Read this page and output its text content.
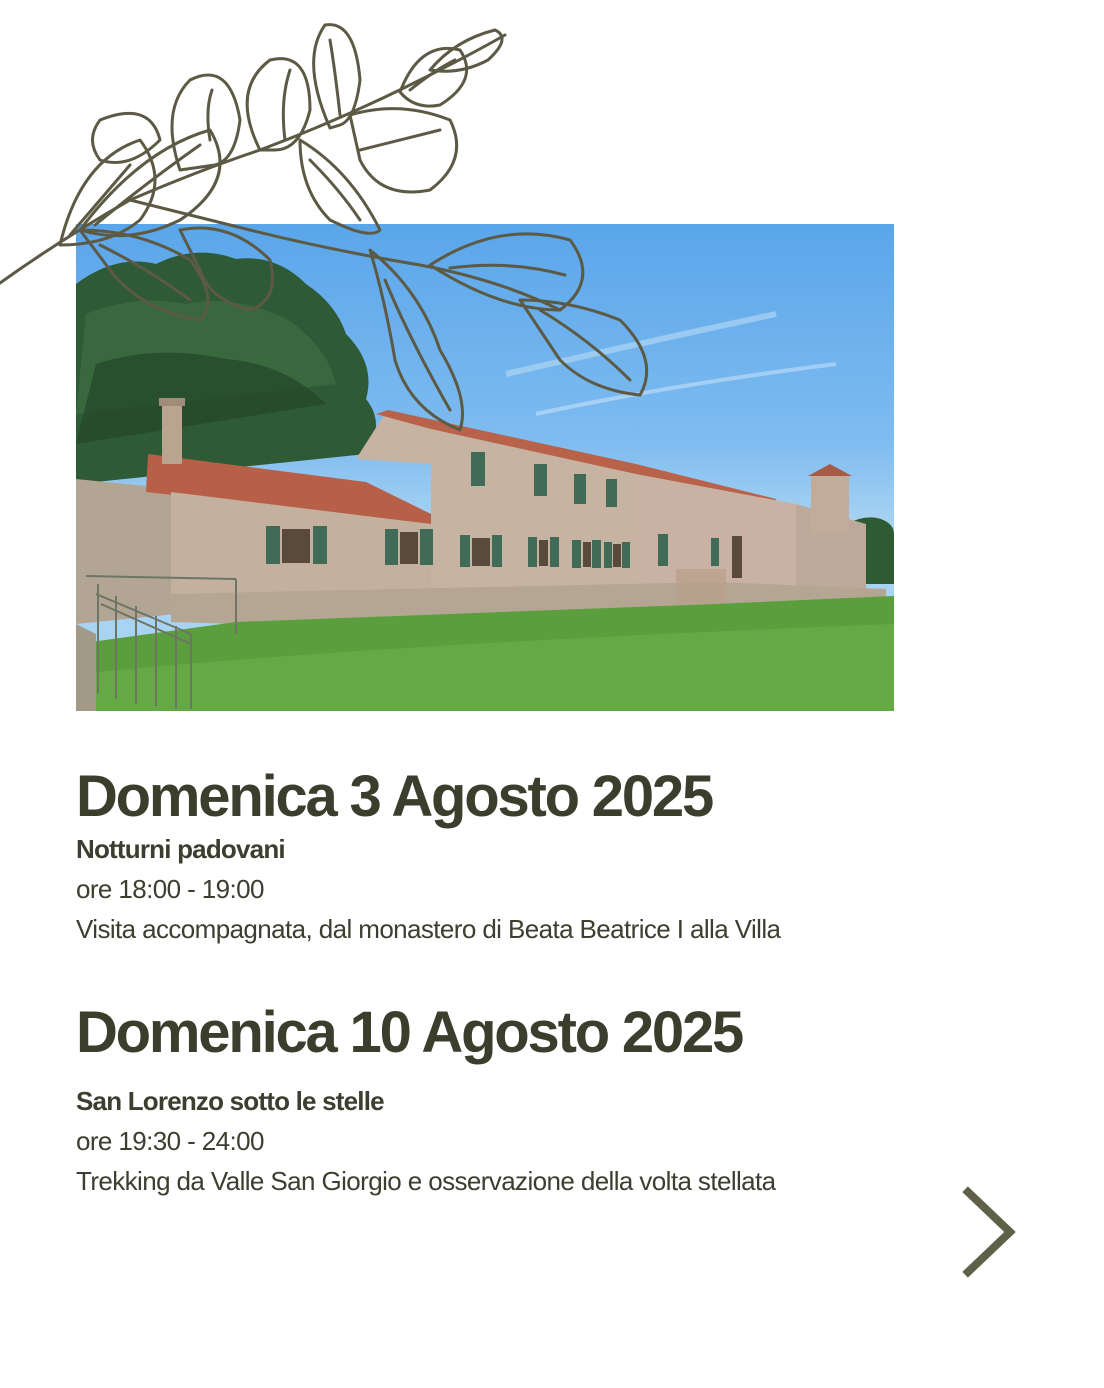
Domenica 3 Agosto 2025

Notturni padovani

ore 18:00 - 19:00

Visita accompagnata, dal monastero di Beata Beatrice I alla Villa

Domenica 10 Agosto 2025

San Lorenzo sotto le stelle

ore 19:30 - 24:00

Trekking da Valle San Giorgio e osservazione della volta stellata
